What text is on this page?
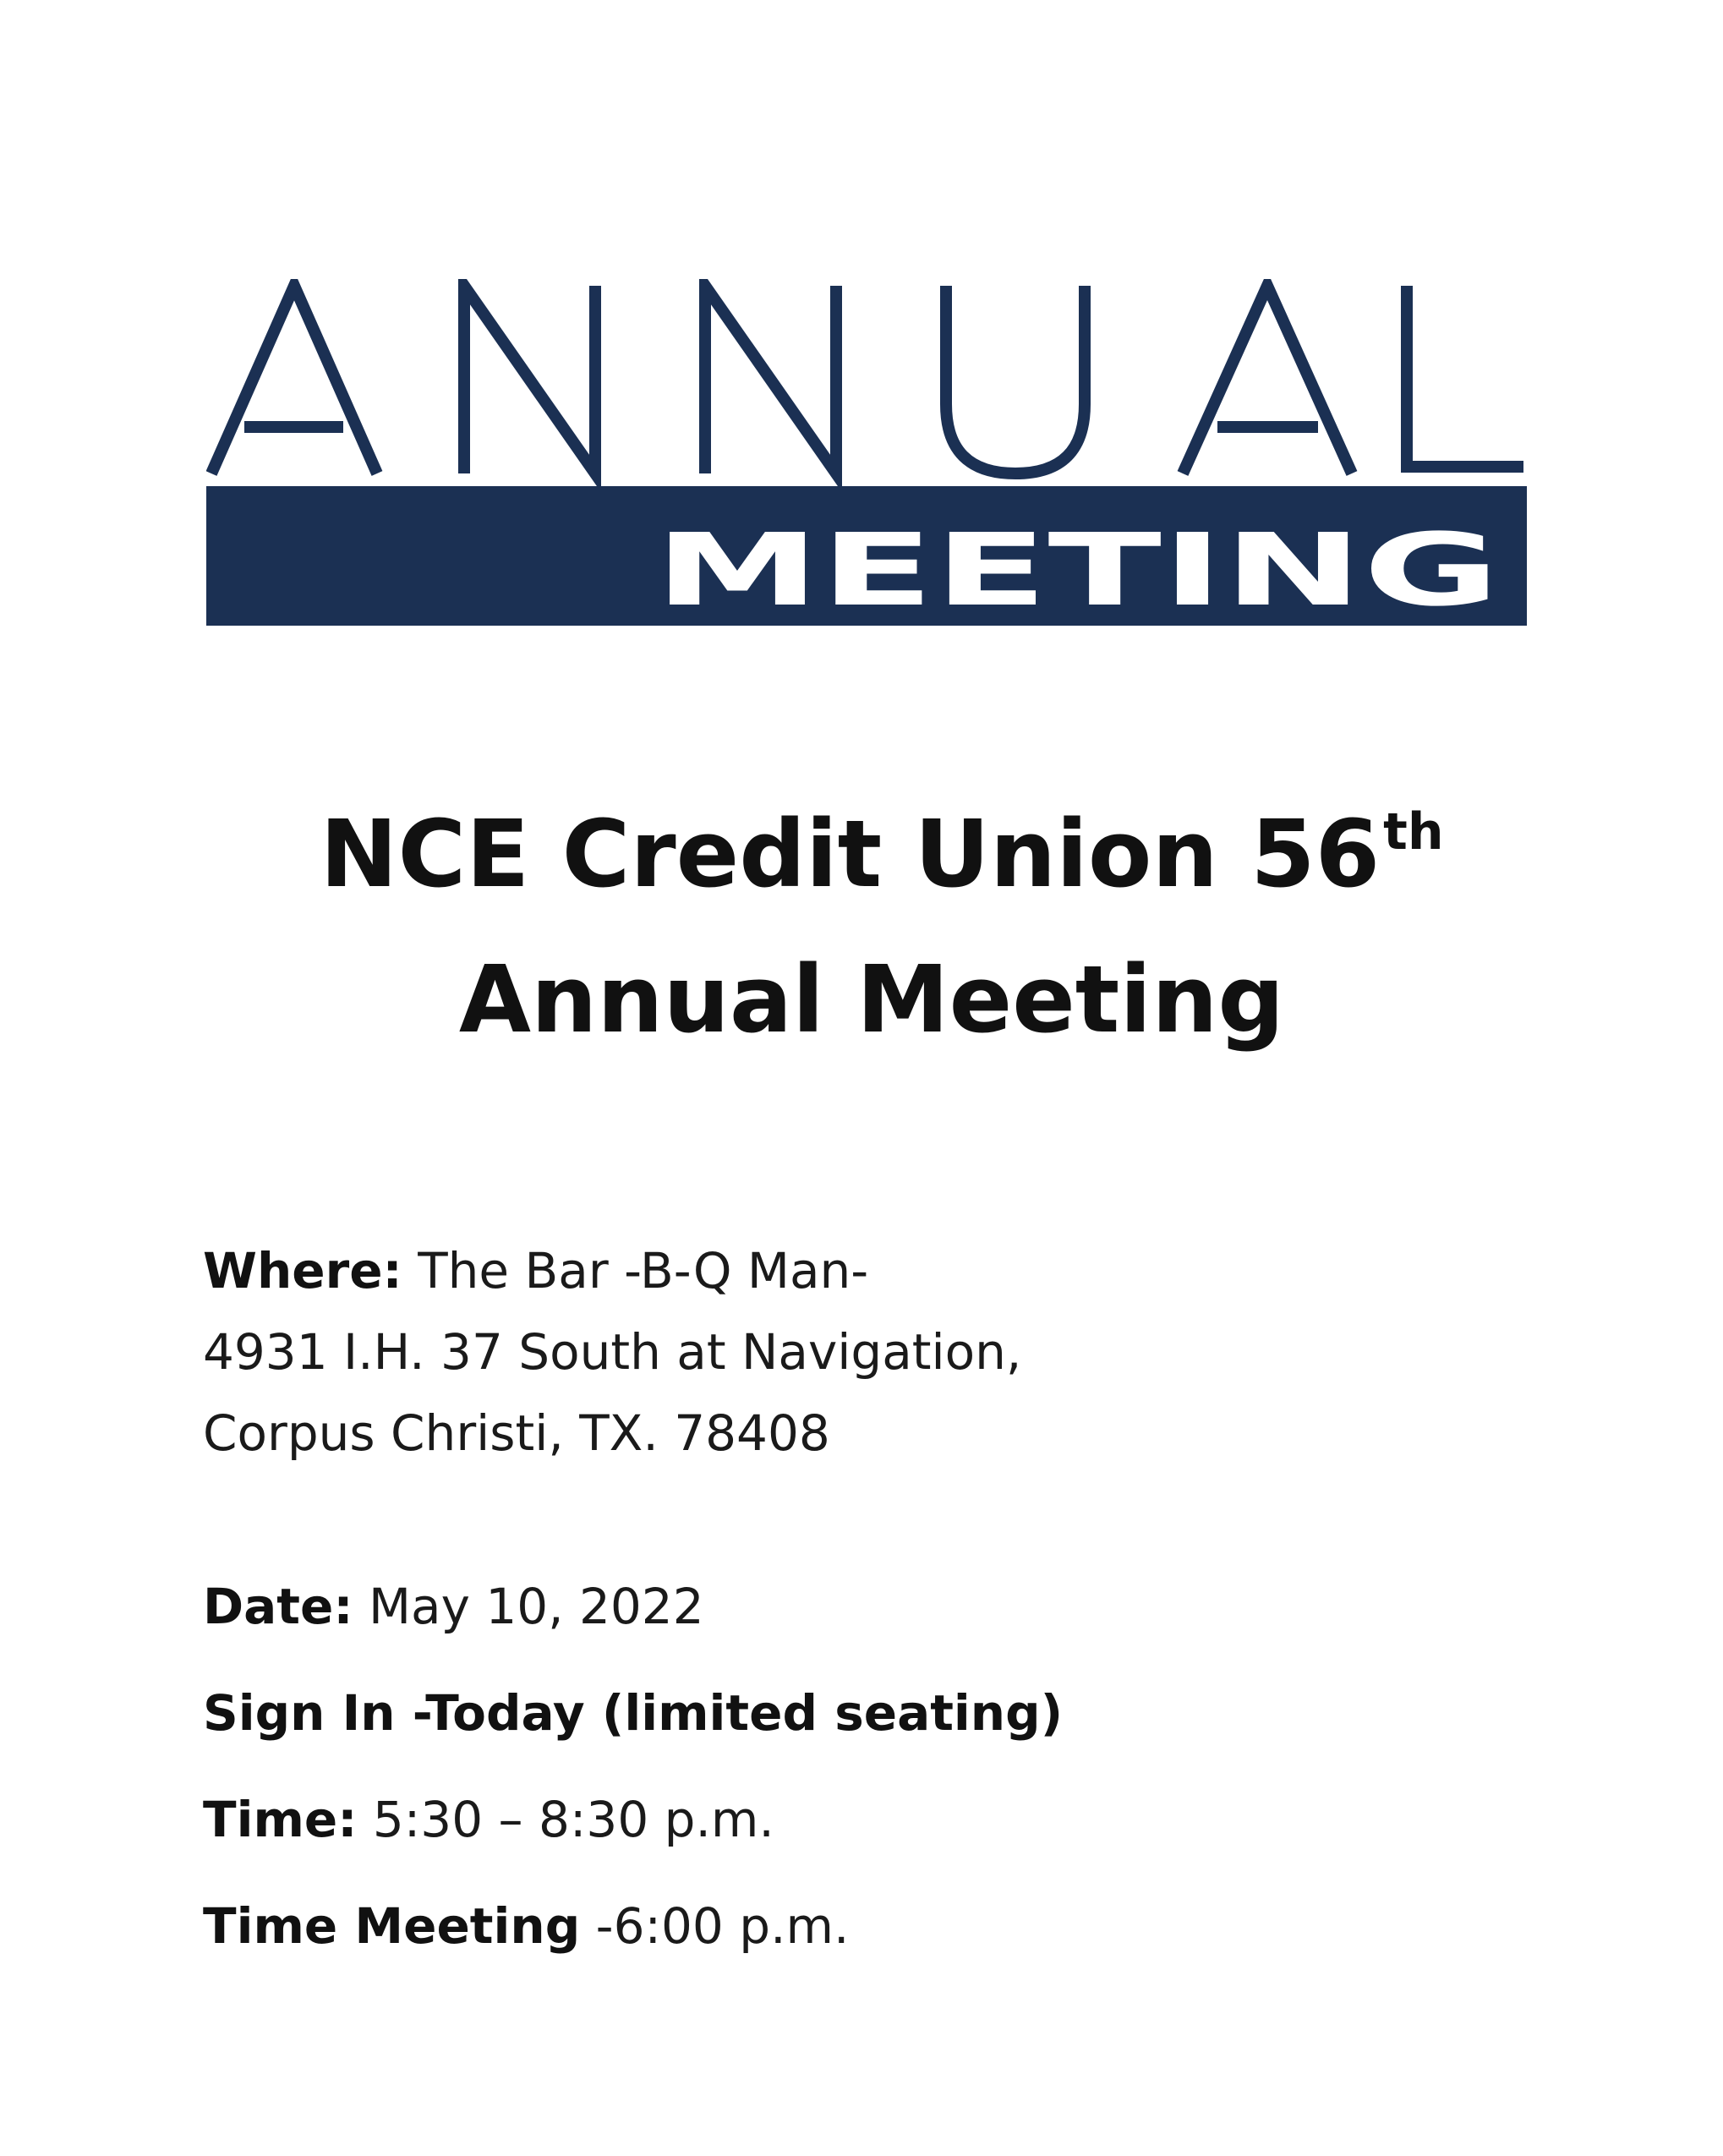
MEETING
NCE Credit Union 56th
Annual Meeting
Where: The Bar -B-Q Man-
4931 I.H. 37 South at Navigation,
Corpus Christi, TX. 78408
Date: May 10, 2022
Sign In -Today (limited seating)
Time: 5:30 – 8:30 p.m.
Time Meeting -6:00 p.m.
